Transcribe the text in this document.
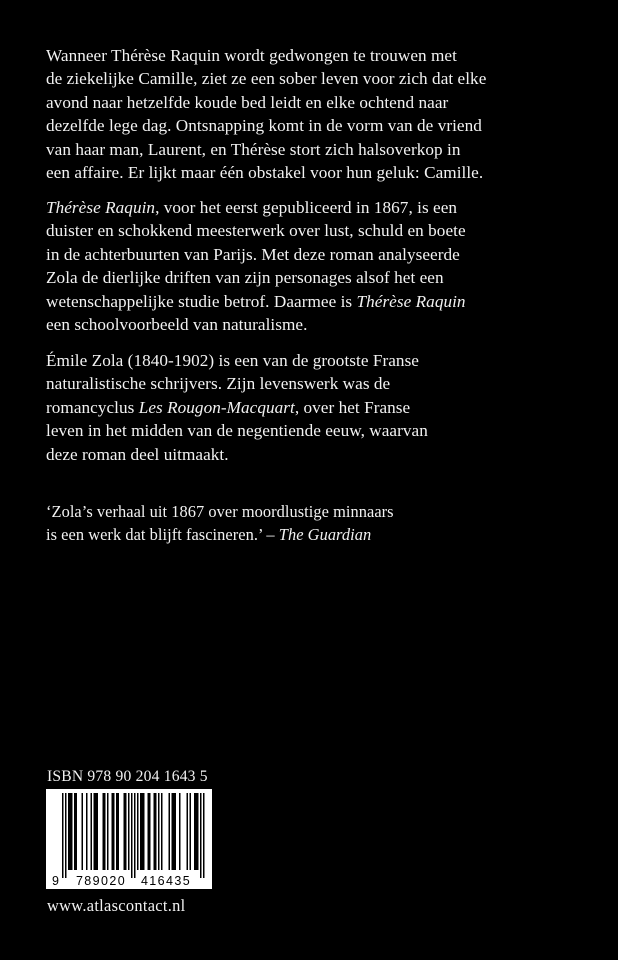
Wanneer Thérèse Raquin wordt gedwongen te trouwen met
de ziekelijke Camille, ziet ze een sober leven voor zich dat elke
avond naar hetzelfde koude bed leidt en elke ochtend naar
dezelfde lege dag. Ontsnapping komt in de vorm van de vriend
van haar man, Laurent, en Thérèse stort zich halsoverkop in
een affaire. Er lijkt maar één obstakel voor hun geluk: Camille.

Thérèse Raquin, voor het eerst gepubliceerd in 1867, is een
duister en schokkend meesterwerk over lust, schuld en boete
in de achterbuurten van Parijs. Met deze roman analyseerde
Zola de dierlijke driften van zijn personages alsof het een
wetenschappelijke studie betrof. Daarmee is Thérèse Raquin
een schoolvoorbeeld van naturalisme.

Émile Zola (1840-1902) is een van de grootste Franse
naturalistische schrijvers. Zijn levenswerk was de
romancyclus Les Rougon-Macquart, over het Franse
leven in het midden van de negentiende eeuw, waarvan
deze roman deel uitmaakt.

‘Zola’s verhaal uit 1867 over moordlustige minnaars
is een werk dat blijft fascineren.’ – The Guardian

ISBN 978 90 204 1643 5
9 789020 416435
www.atlascontact.nl
